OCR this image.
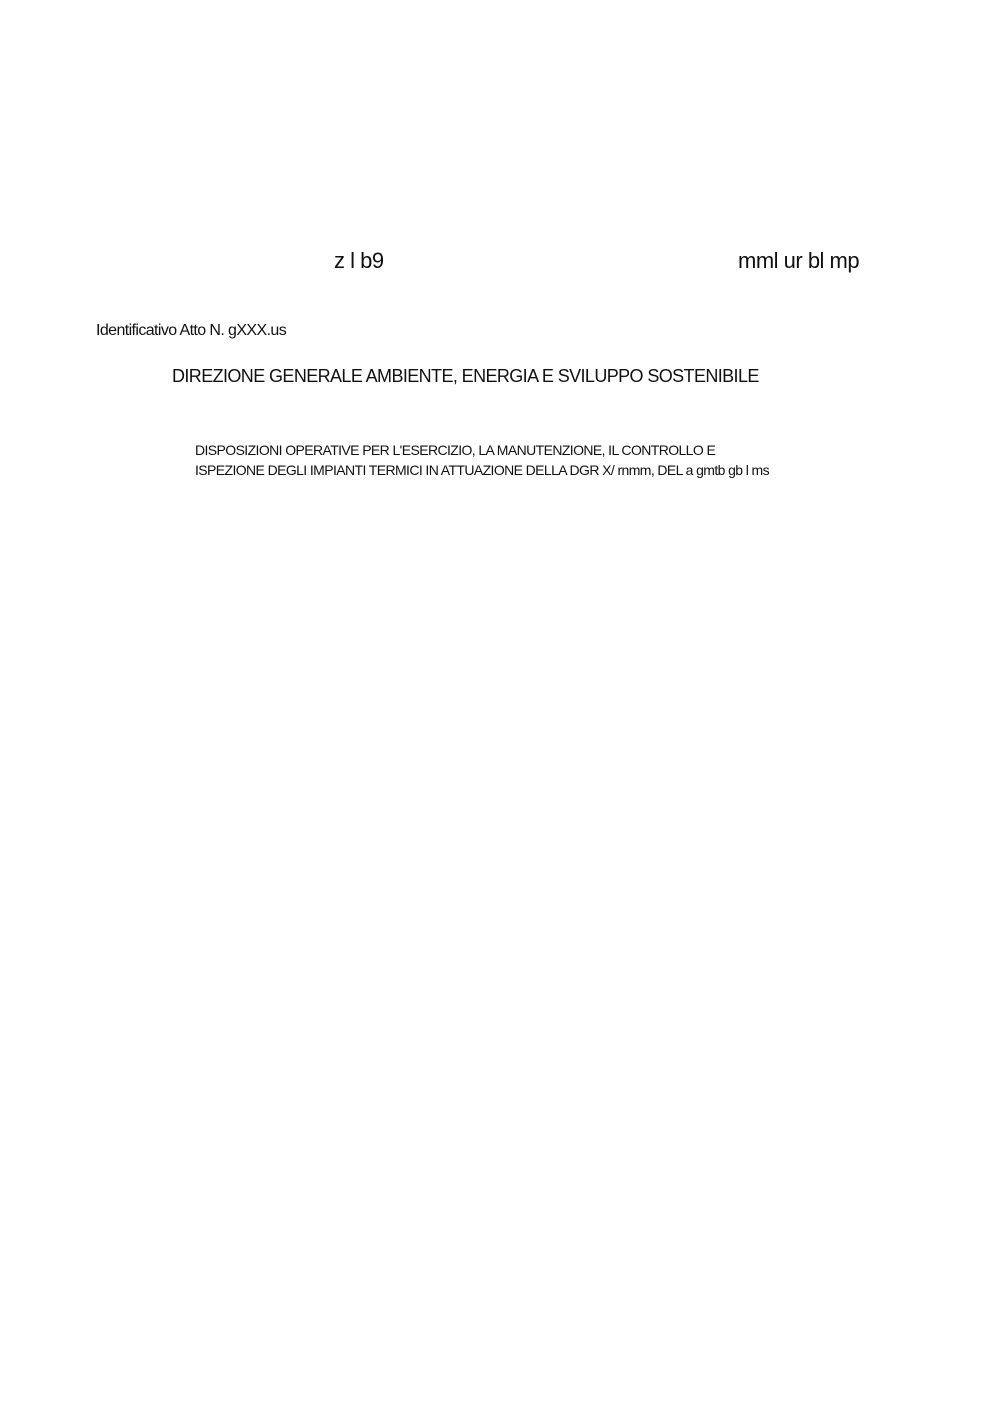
z l b9	mml ur bl mp
Identificativo Atto N. gXXX.us
DIREZIONE GENERALE AMBIENTE, ENERGIA E SVILUPPO SOSTENIBILE
DISPOSIZIONI OPERATIVE PER L'ESERCIZIO, LA MANUTENZIONE, IL CONTROLLO E
ISPEZIONE DEGLI IMPIANTI TERMICI IN ATTUAZIONE DELLA DGR X/ rnmm, DEL a gmtb gb l ms
